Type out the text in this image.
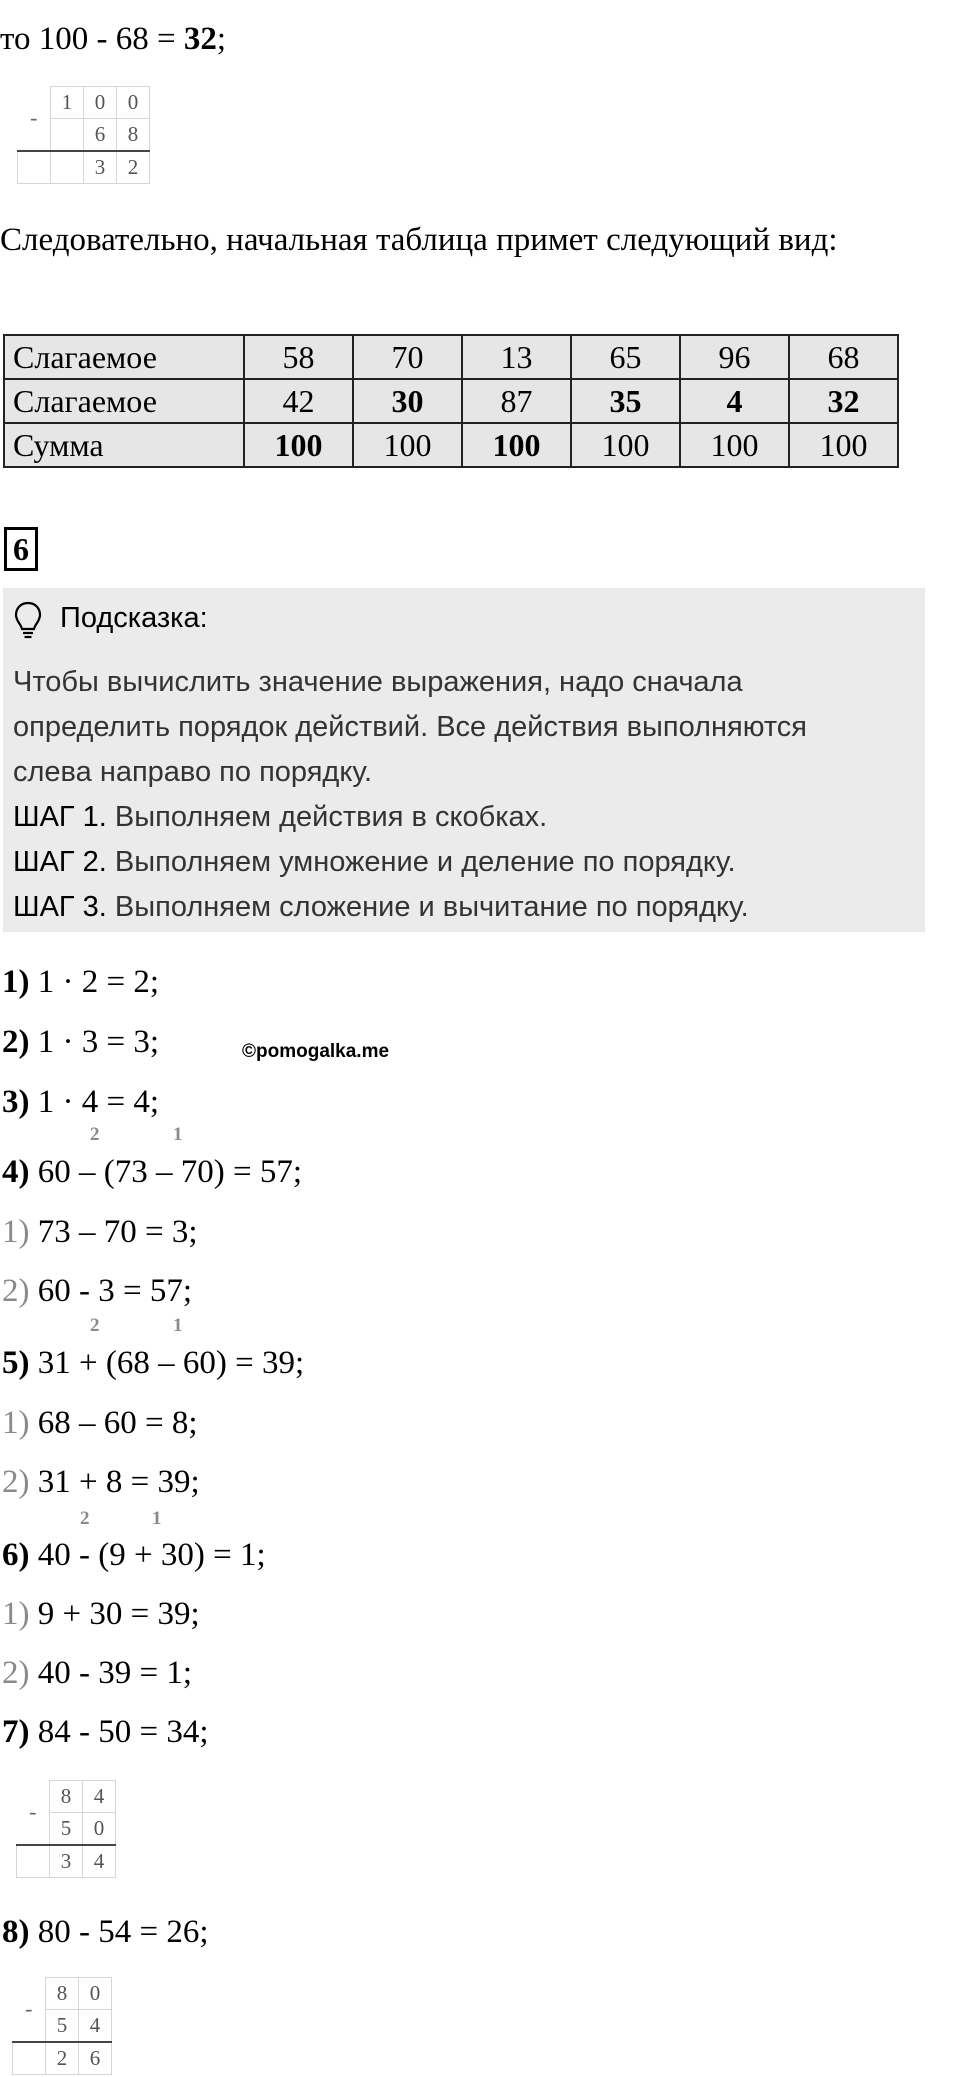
то 100 - 68 = 32;
-	1	0	0
		6	8
		3	2
Следовательно, начальная таблица примет следующий вид:
Слагаемое	58	70	13	65	96	68
Слагаемое	42	30	87	35	4	32
Сумма	100	100	100	100	100	100
6
Подсказка:
Чтобы вычислить значение выражения, надо сначала
определить порядок действий. Все действия выполняются
слева направо по порядку.
ШАГ 1. Выполняем действия в скобках.
ШАГ 2. Выполняем умножение и деление по порядку.
ШАГ 3. Выполняем сложение и вычитание по порядку.
1) 1 · 2 = 2;
2) 1 · 3 = 3;	©pomogalka.me
3) 1 · 4 = 4;
2	1
4) 60 – (73 – 70) = 57;
1) 73 – 70 = 3;
2) 60 - 3 = 57;
2	1
5) 31 + (68 – 60) = 39;
1) 68 – 60 = 8;
2) 31 + 8 = 39;
2	1
6) 40 - (9 + 30) = 1;
1) 9 + 30 = 39;
2) 40 - 39 = 1;
7) 84 - 50 = 34;
-	8	4
	5	0
	3	4
8) 80 - 54 = 26;
-	8	0
	5	4
	2	6
